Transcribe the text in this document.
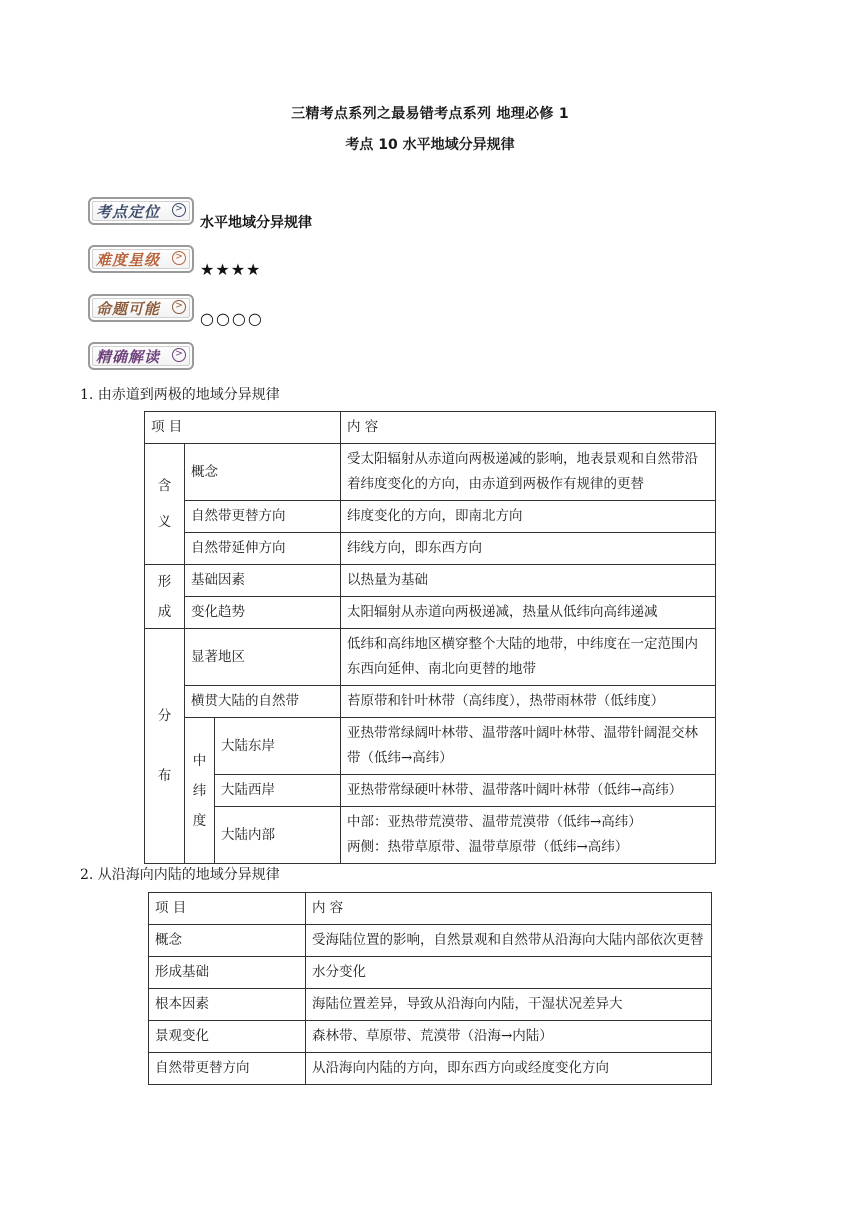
三精考点系列之最易错考点系列 地理必修 1
考点 10 水平地域分异规律
考点定位	>
水平地域分异规律
难度星级	>
★★★★
命题可能	>
○○○○
精确解读	>
1. 由赤道到两极的地域分异规律
项 目			内 容
含
义	概念		受太阳辐射从赤道向两极递减的影响，地表景观和自然带沿着纬度变化的方向，由赤道到两极作有规律的更替
	自然带更替方向		纬度变化的方向，即南北方向
	自然带延伸方向		纬线方向，即东西方向
形
成	基础因素		以热量为基础
	变化趋势		太阳辐射从赤道向两极递减，热量从低纬向高纬递减
分

布	显著地区		低纬和高纬地区横穿整个大陆的地带，中纬度在一定范围内东西向延伸、南北向更替的地带
	横贯大陆的自然带		苔原带和针叶林带（高纬度），热带雨林带（低纬度）
	中
纬
度	大陆东岸	亚热带常绿阔叶林带、温带落叶阔叶林带、温带针阔混交林带（低纬→高纬）
		大陆西岸	亚热带常绿硬叶林带、温带落叶阔叶林带（低纬→高纬）
		大陆内部	中部：亚热带荒漠带、温带荒漠带（低纬→高纬）
两侧：热带草原带、温带草原带（低纬→高纬）
2. 从沿海向内陆的地域分异规律
项 目	内 容
概念	受海陆位置的影响，自然景观和自然带从沿海向大陆内部依次更替
形成基础	水分变化
根本因素	海陆位置差异，导致从沿海向内陆，干湿状况差异大
景观变化	森林带、草原带、荒漠带（沿海→内陆）
自然带更替方向	从沿海向内陆的方向，即东西方向或经度变化方向
